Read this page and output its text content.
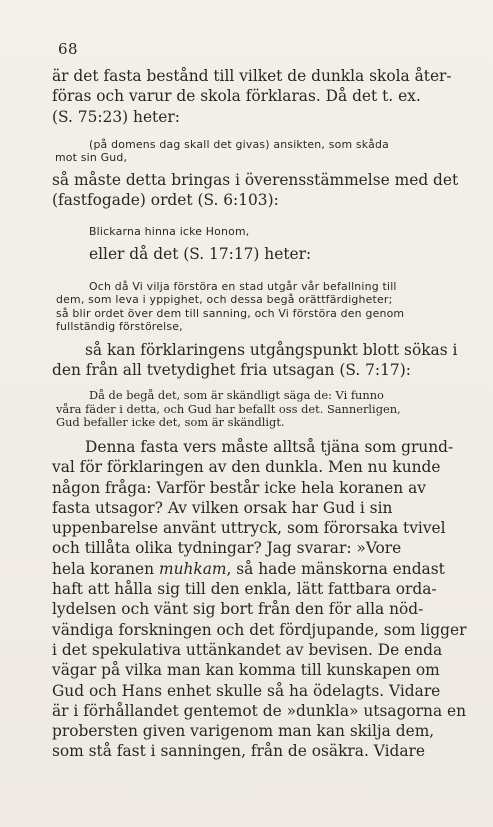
68
är det fasta bestånd till vilket de dunkla skola åter-
föras och varur de skola förklaras. Då det t. ex.
(S. 75:23) heter:
(på domens dag skall det givas) ansikten, som skåda
mot sin Gud,
så måste detta bringas i överensstämmelse med det
(fastfogade) ordet (S. 6:103):
Blickarna hinna icke Honom,
eller då det (S. 17:17) heter:
Och då Vi vilja förstöra en stad utgår vår befallning till
dem, som leva i yppighet, och dessa begå orättfärdigheter;
så blir ordet över dem till sanning, och Vi förstöra den genom
fullständig förstörelse,
så kan förklaringens utgångspunkt blott sökas i
den från all tvetydighet fria utsagan (S. 7:17):
Då de begå det, som är skändligt säga de: Vi funno
våra fäder i detta, och Gud har befallt oss det. Sannerligen,
Gud befaller icke det, som är skändligt.
Denna fasta vers måste alltså tjäna som grund-
val för förklaringen av den dunkla. Men nu kunde
någon fråga: Varför består icke hela koranen av
fasta utsagor? Av vilken orsak har Gud i sin
uppenbarelse använt uttryck, som förorsaka tvivel
och tillåta olika tydningar? Jag svarar: »Vore
hela koranen muhkam, så hade mänskorna endast
haft att hålla sig till den enkla, lätt fattbara orda-
lydelsen och vänt sig bort från den för alla nöd-
vändiga forskningen och det fördjupande, som ligger
i det spekulativa uttänkandet av bevisen. De enda
vägar på vilka man kan komma till kunskapen om
Gud och Hans enhet skulle så ha ödelagts. Vidare
är i förhållandet gentemot de »dunkla» utsagorna en
probersten given varigenom man kan skilja dem,
som stå fast i sanningen, från de osäkra. Vidare
